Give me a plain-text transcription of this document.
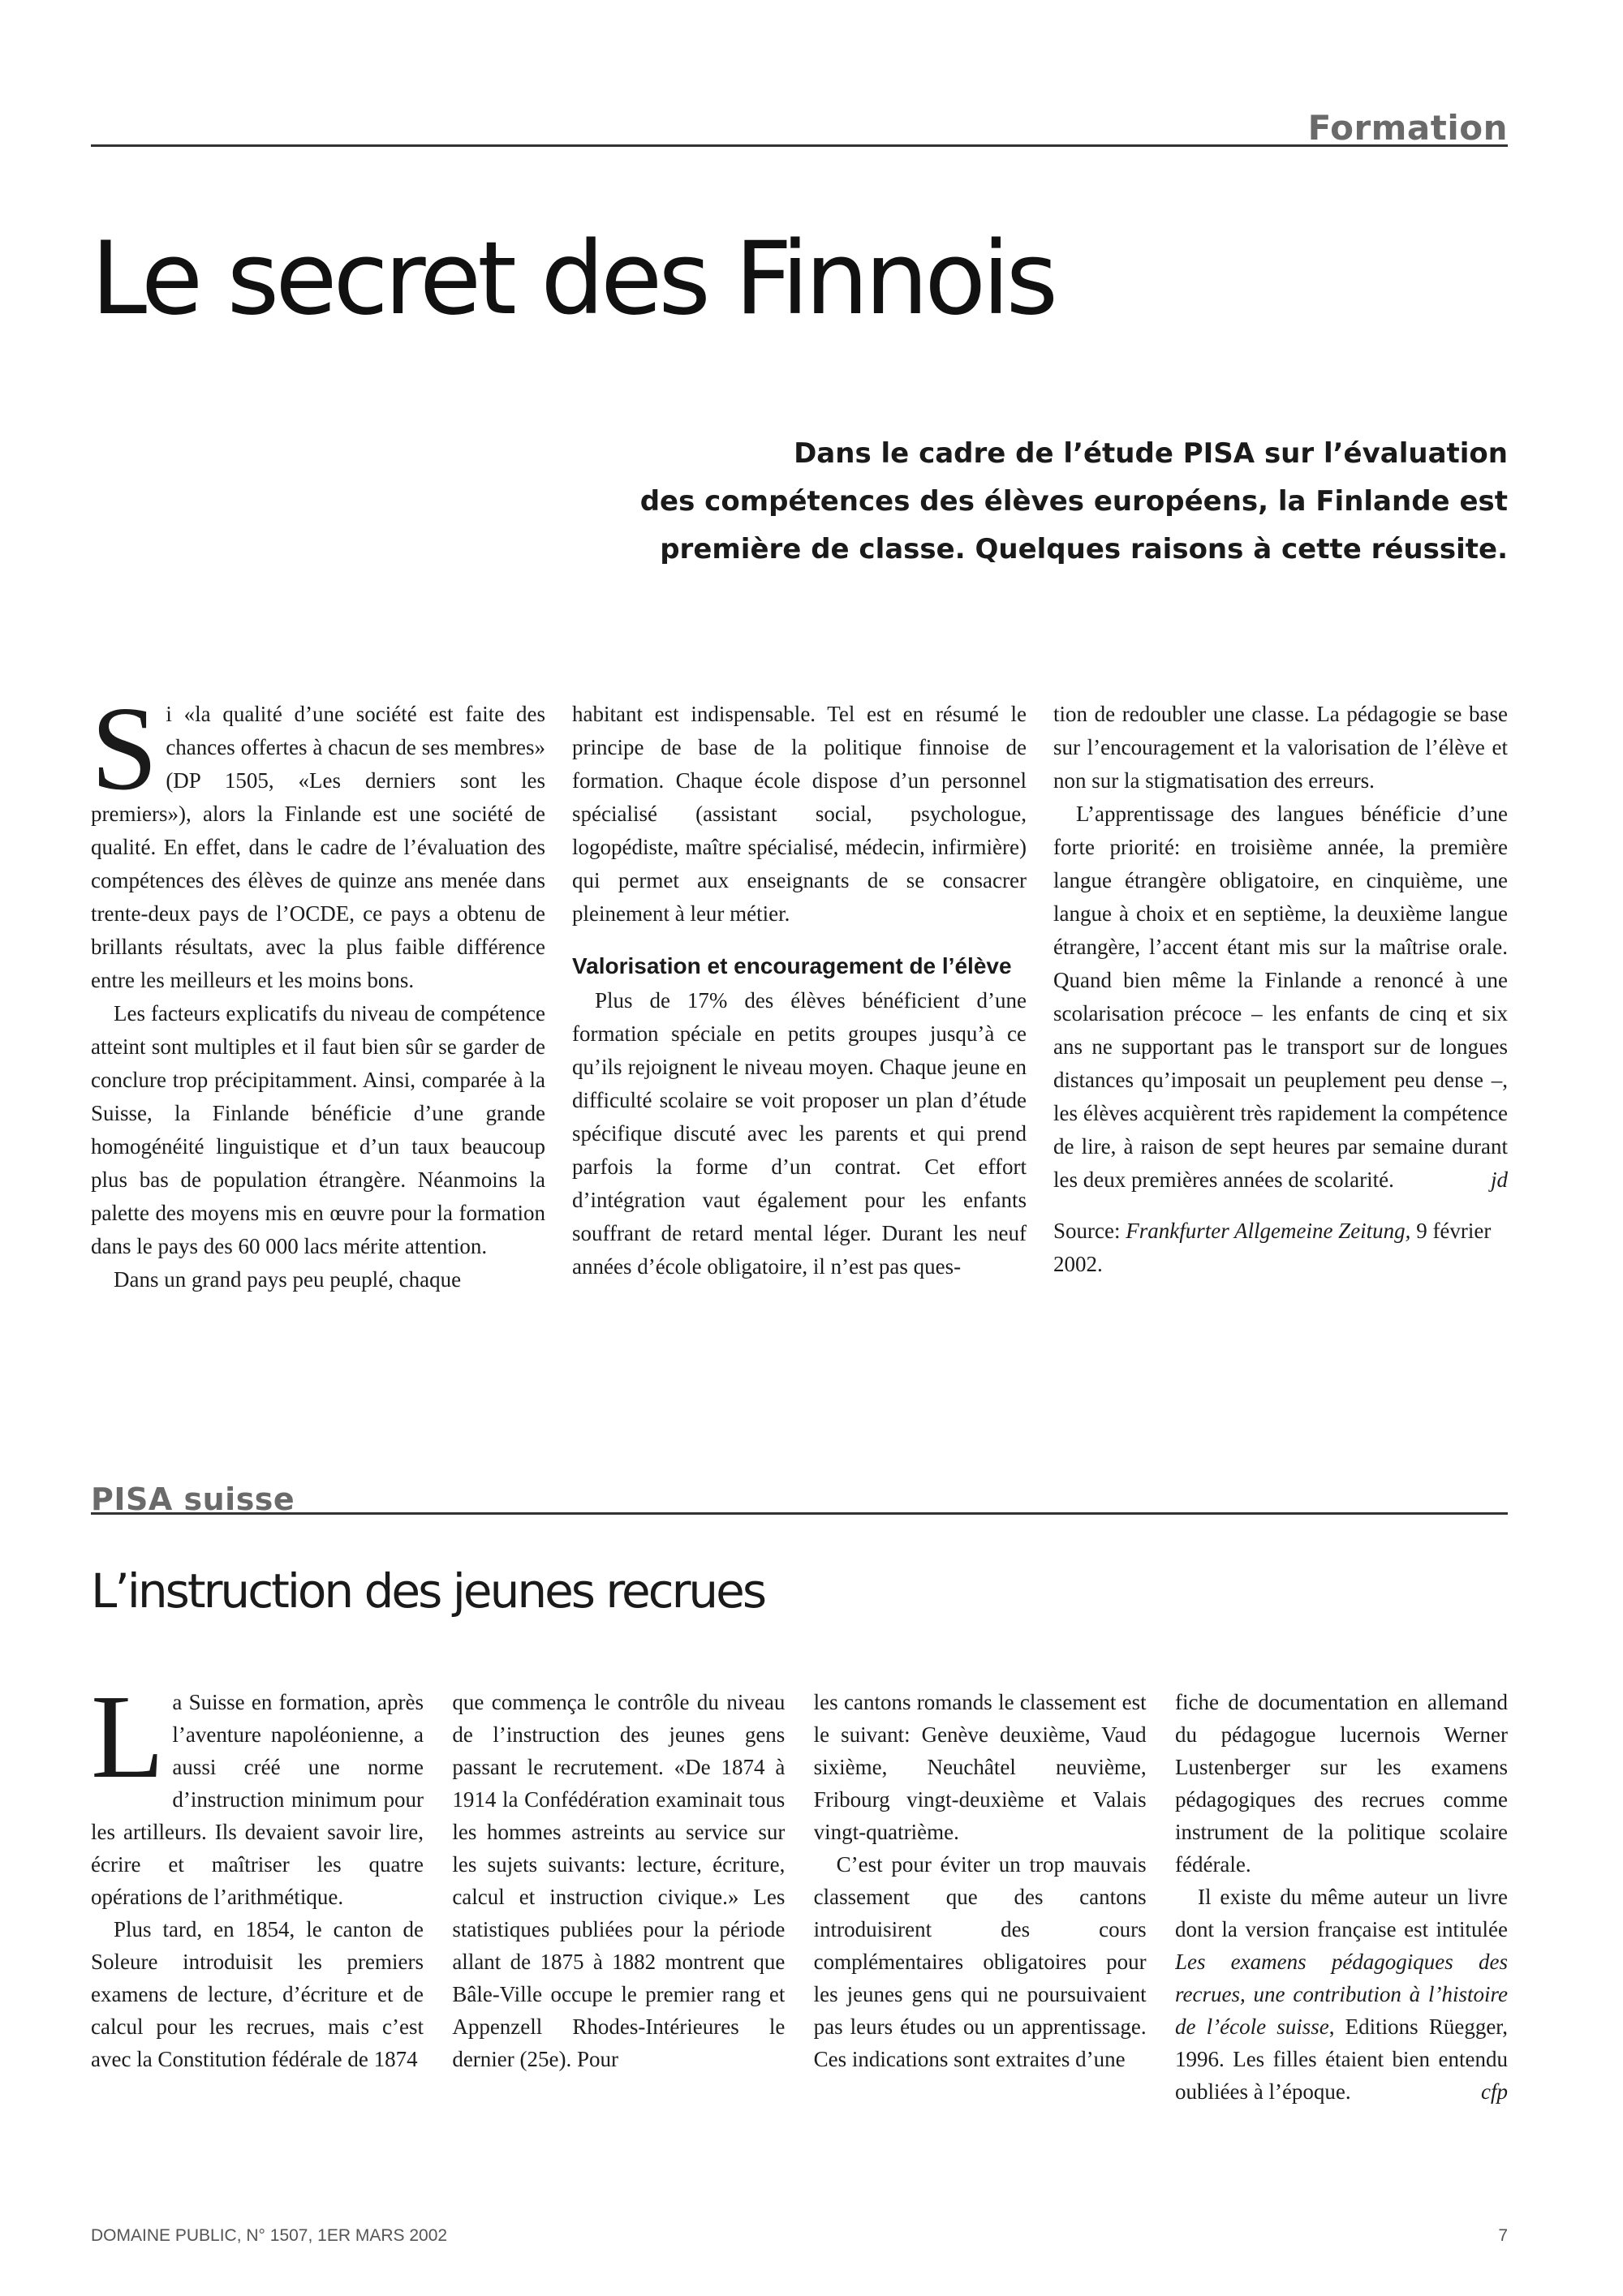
Formation
Le secret des Finnois
Dans le cadre de l’étude PISA sur l’évaluation
des compétences des élèves européens, la Finlande est
première de classe. Quelques raisons à cette réussite.

Si «la qualité d’une société est faite des chances offertes à chacun de ses membres» (DP 1505, «Les derniers sont les premiers»), alors la Finlande est une société de qualité. En effet, dans le cadre de l’évaluation des compétences des élèves de quinze ans menée dans trente-deux pays de l’OCDE, ce pays a obtenu de brillants résultats, avec la plus faible différence entre les meilleurs et les moins bons.

Les facteurs explicatifs du niveau de compétence atteint sont multiples et il faut bien sûr se garder de conclure trop précipitamment. Ainsi, comparée à la Suisse, la Finlande bénéficie d’une grande homogénéité linguistique et d’un taux beaucoup plus bas de population étrangère. Néanmoins la palette des moyens mis en œuvre pour la formation dans le pays des 60 000 lacs mérite attention.

Dans un grand pays peu peuplé, chaque

habitant est indispensable. Tel est en résumé le principe de base de la politique finnoise de formation. Chaque école dispose d’un personnel spécialisé (assistant social, psychologue, logopédiste, maître spécialisé, médecin, infirmière) qui permet aux enseignants de se consacrer pleinement à leur métier.

Valorisation et encouragement de l’élève

Plus de 17% des élèves bénéficient d’une formation spéciale en petits groupes jusqu’à ce qu’ils rejoignent le niveau moyen. Chaque jeune en difficulté scolaire se voit proposer un plan d’étude spécifique discuté avec les parents et qui prend parfois la forme d’un contrat. Cet effort d’intégration vaut également pour les enfants souffrant de retard mental léger. Durant les neuf années d’école obligatoire, il n’est pas ques-

tion de redoubler une classe. La pédagogie se base sur l’encouragement et la valorisation de l’élève et non sur la stigmatisation des erreurs.

L’apprentissage des langues bénéficie d’une forte priorité: en troisième année, la première langue étrangère obligatoire, en cinquième, une langue à choix et en septième, la deuxième langue étrangère, l’accent étant mis sur la maîtrise orale. Quand bien même la Finlande a renoncé à une scolarisation précoce – les enfants de cinq et six ans ne supportant pas le transport sur de longues distances qu’imposait un peuplement peu dense –, les élèves acquièrent très rapidement la compétence de lire, à raison de sept heures par semaine durant les deux premières années de scolarité.	jd

Source: Frankfurter Allgemeine Zeitung, 9 février 2002.

PISA suisse
L’instruction des jeunes recrues

La Suisse en formation, après l’aventure napoléonienne, a aussi créé une norme d’instruction minimum pour les artilleurs. Ils devaient savoir lire, écrire et maîtriser les quatre opérations de l’arithmétique.

Plus tard, en 1854, le canton de Soleure introduisit les premiers examens de lecture, d’écriture et de calcul pour les recrues, mais c’est avec la Constitution fédérale de 1874

que commença le contrôle du niveau de l’instruction des jeunes gens passant le recrutement. «De 1874 à 1914 la Confédération examinait tous les hommes astreints au service sur les sujets suivants: lecture, écriture, calcul et instruction civique.» Les statistiques publiées pour la période allant de 1875 à 1882 montrent que Bâle-Ville occupe le premier rang et Appenzell Rhodes-Intérieures le dernier (25e). Pour

les cantons romands le classement est le suivant: Genève deuxième, Vaud sixième, Neuchâtel neuvième, Fribourg vingt-deuxième et Valais vingt-quatrième.

C’est pour éviter un trop mauvais classement que des cantons introduisirent des cours complémentaires obligatoires pour les jeunes gens qui ne poursuivaient pas leurs études ou un apprentissage. Ces indications sont extraites d’une

fiche de documentation en allemand du pédagogue lucernois Werner Lustenberger sur les examens pédagogiques des recrues comme instrument de la politique scolaire fédérale.

Il existe du même auteur un livre dont la version française est intitulée Les examens pédagogiques des recrues, une contribution à l’histoire de l’école suisse, Editions Rüegger, 1996. Les filles étaient bien entendu oubliées à l’époque.	cfp

DOMAINE PUBLIC, N° 1507, 1ER MARS 2002	7
